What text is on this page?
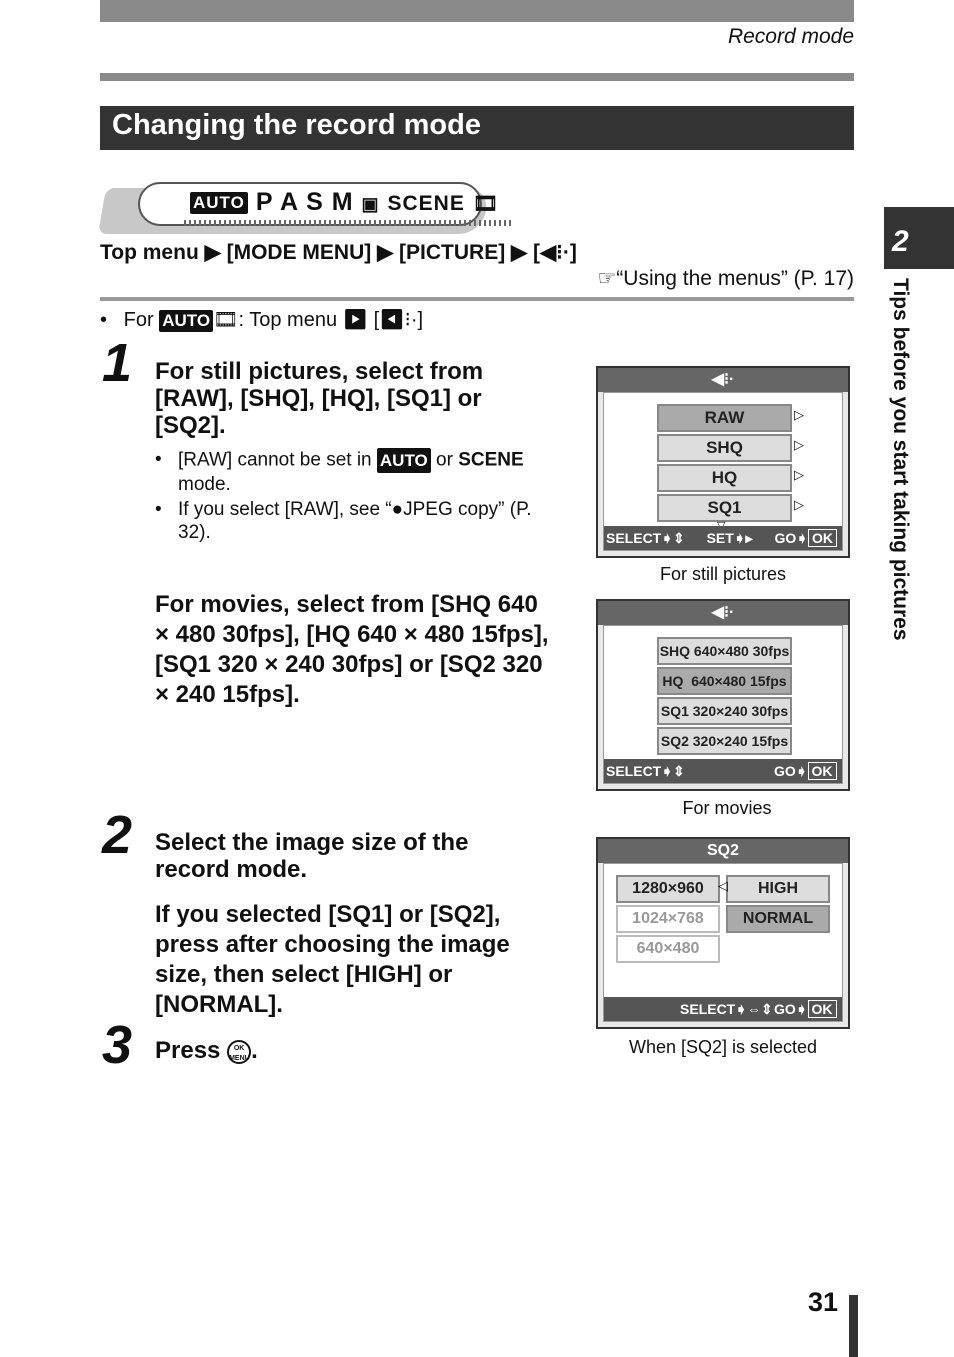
Record mode
Changing the record mode
AUTO P A S M ▣ SCENE 🎞
Top menu ▶ [MODE MENU] ▶ [PICTURE] ▶ [◀⁝·]
☞“Using the menus” (P. 17)
•   For AUTO 🎞: Top menu ▶ [◀⁝·]
1 For still pictures, select from [RAW], [SHQ], [HQ], [SQ1] or [SQ2].
• [RAW] cannot be set in AUTO or SCENE
mode.
• If you select [RAW], see “●JPEG copy” (P. 32).
For movies, select from [SHQ 640 × 480 30fps], [HQ 640 × 480 15fps], [SQ1 320 × 240 30fps] or [SQ2 320 × 240 15fps].
◀⁝·
RAW
SHQ
HQ
SQ1
▷
▷
▷
▷
SELECT➧⇕ SET➧▸ GO➧ OK
For still pictures
◀⁝·
SHQ 640×480 30fps
HQ  640×480 15fps
SQ1 320×240 30fps
SQ2 320×240 15fps
SELECT➧⇕	GO➧ OK
For movies
2 Select the image size of the record mode.
If you selected [SQ1] or [SQ2], press after choosing the image size, then select [HIGH] or [NORMAL].
SQ2
1280×960
1024×768
640×480
HIGH
NORMAL
◁
SELECT➧⇔⇕ GO➧ OK
When [SQ2] is selected
3 Press OK
MENU.
2
Tips before you start taking pictures
31
